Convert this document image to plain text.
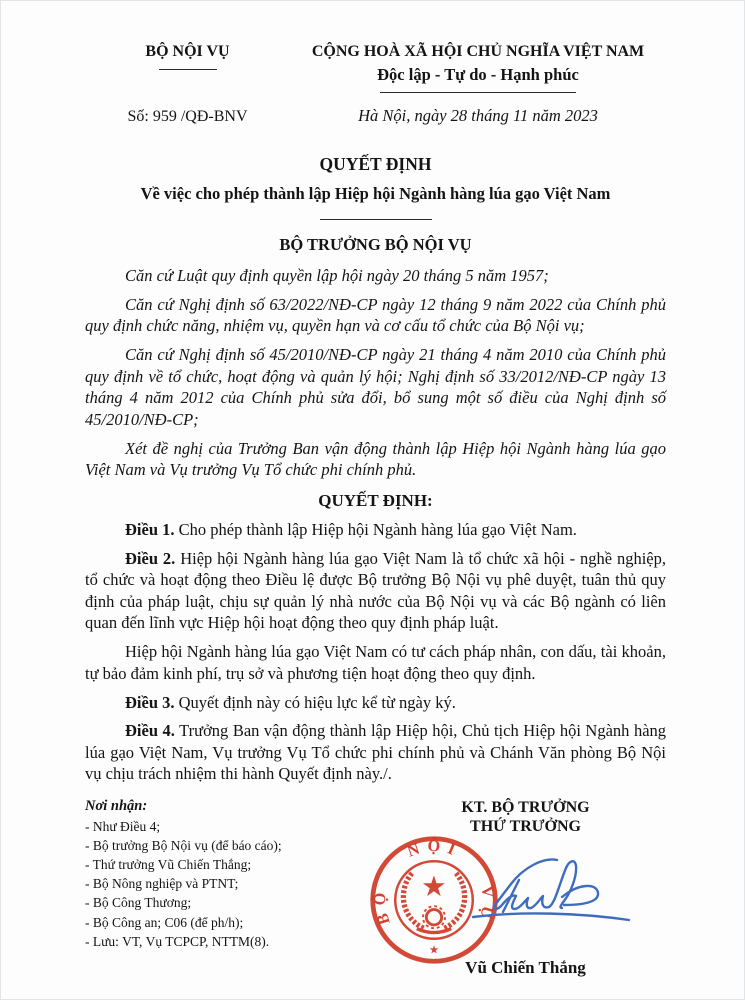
BỘ NỘI VỤ
Số: 959 /QĐ-BNV
CỘNG HOÀ XÃ HỘI CHỦ NGHĨA VIỆT NAM
Độc lập - Tự do - Hạnh phúc
Hà Nội, ngày 28 tháng 11 năm 2023
QUYẾT ĐỊNH
Về việc cho phép thành lập Hiệp hội Ngành hàng lúa gạo Việt Nam
BỘ TRƯỞNG BỘ NỘI VỤ

Căn cứ Luật quy định quyền lập hội ngày 20 tháng 5 năm 1957;

Căn cứ Nghị định số 63/2022/NĐ-CP ngày 12 tháng 9 năm 2022 của Chính phủ quy định chức năng, nhiệm vụ, quyền hạn và cơ cấu tổ chức của Bộ Nội vụ;

Căn cứ Nghị định số 45/2010/NĐ-CP ngày 21 tháng 4 năm 2010 của Chính phủ quy định về tổ chức, hoạt động và quản lý hội; Nghị định số 33/2012/NĐ-CP ngày 13 tháng 4 năm 2012 của Chính phủ sửa đổi, bổ sung một số điều của Nghị định số 45/2010/NĐ-CP;

Xét đề nghị của Trưởng Ban vận động thành lập Hiệp hội Ngành hàng lúa gạo Việt Nam và Vụ trưởng Vụ Tổ chức phi chính phủ.

QUYẾT ĐỊNH:

Điều 1. Cho phép thành lập Hiệp hội Ngành hàng lúa gạo Việt Nam.

Điều 2. Hiệp hội Ngành hàng lúa gạo Việt Nam là tổ chức xã hội - nghề nghiệp, tổ chức và hoạt động theo Điều lệ được Bộ trưởng Bộ Nội vụ phê duyệt, tuân thủ quy định của pháp luật, chịu sự quản lý nhà nước của Bộ Nội vụ và các Bộ ngành có liên quan đến lĩnh vực Hiệp hội hoạt động theo quy định pháp luật.

Hiệp hội Ngành hàng lúa gạo Việt Nam có tư cách pháp nhân, con dấu, tài khoản, tự bảo đảm kinh phí, trụ sở và phương tiện hoạt động theo quy định.

Điều 3. Quyết định này có hiệu lực kể từ ngày ký.

Điều 4. Trưởng Ban vận động thành lập Hiệp hội, Chủ tịch Hiệp hội Ngành hàng lúa gạo Việt Nam, Vụ trưởng Vụ Tổ chức phi chính phủ và Chánh Văn phòng Bộ Nội vụ chịu trách nhiệm thi hành Quyết định này./.

Nơi nhận:
- Như Điều 4;
- Bộ trưởng Bộ Nội vụ (để báo cáo);
- Thứ trưởng Vũ Chiến Thắng;
- Bộ Nông nghiệp và PTNT;
- Bộ Công Thương;
- Bộ Công an; C06 (để ph/h);
- Lưu: VT, Vụ TCPCP, NTTM(8).
KT. BỘ TRƯỞNG
THỨ TRƯỞNG
★
★
BỘ NỘI VỤ
Vũ Chiến Thắng
